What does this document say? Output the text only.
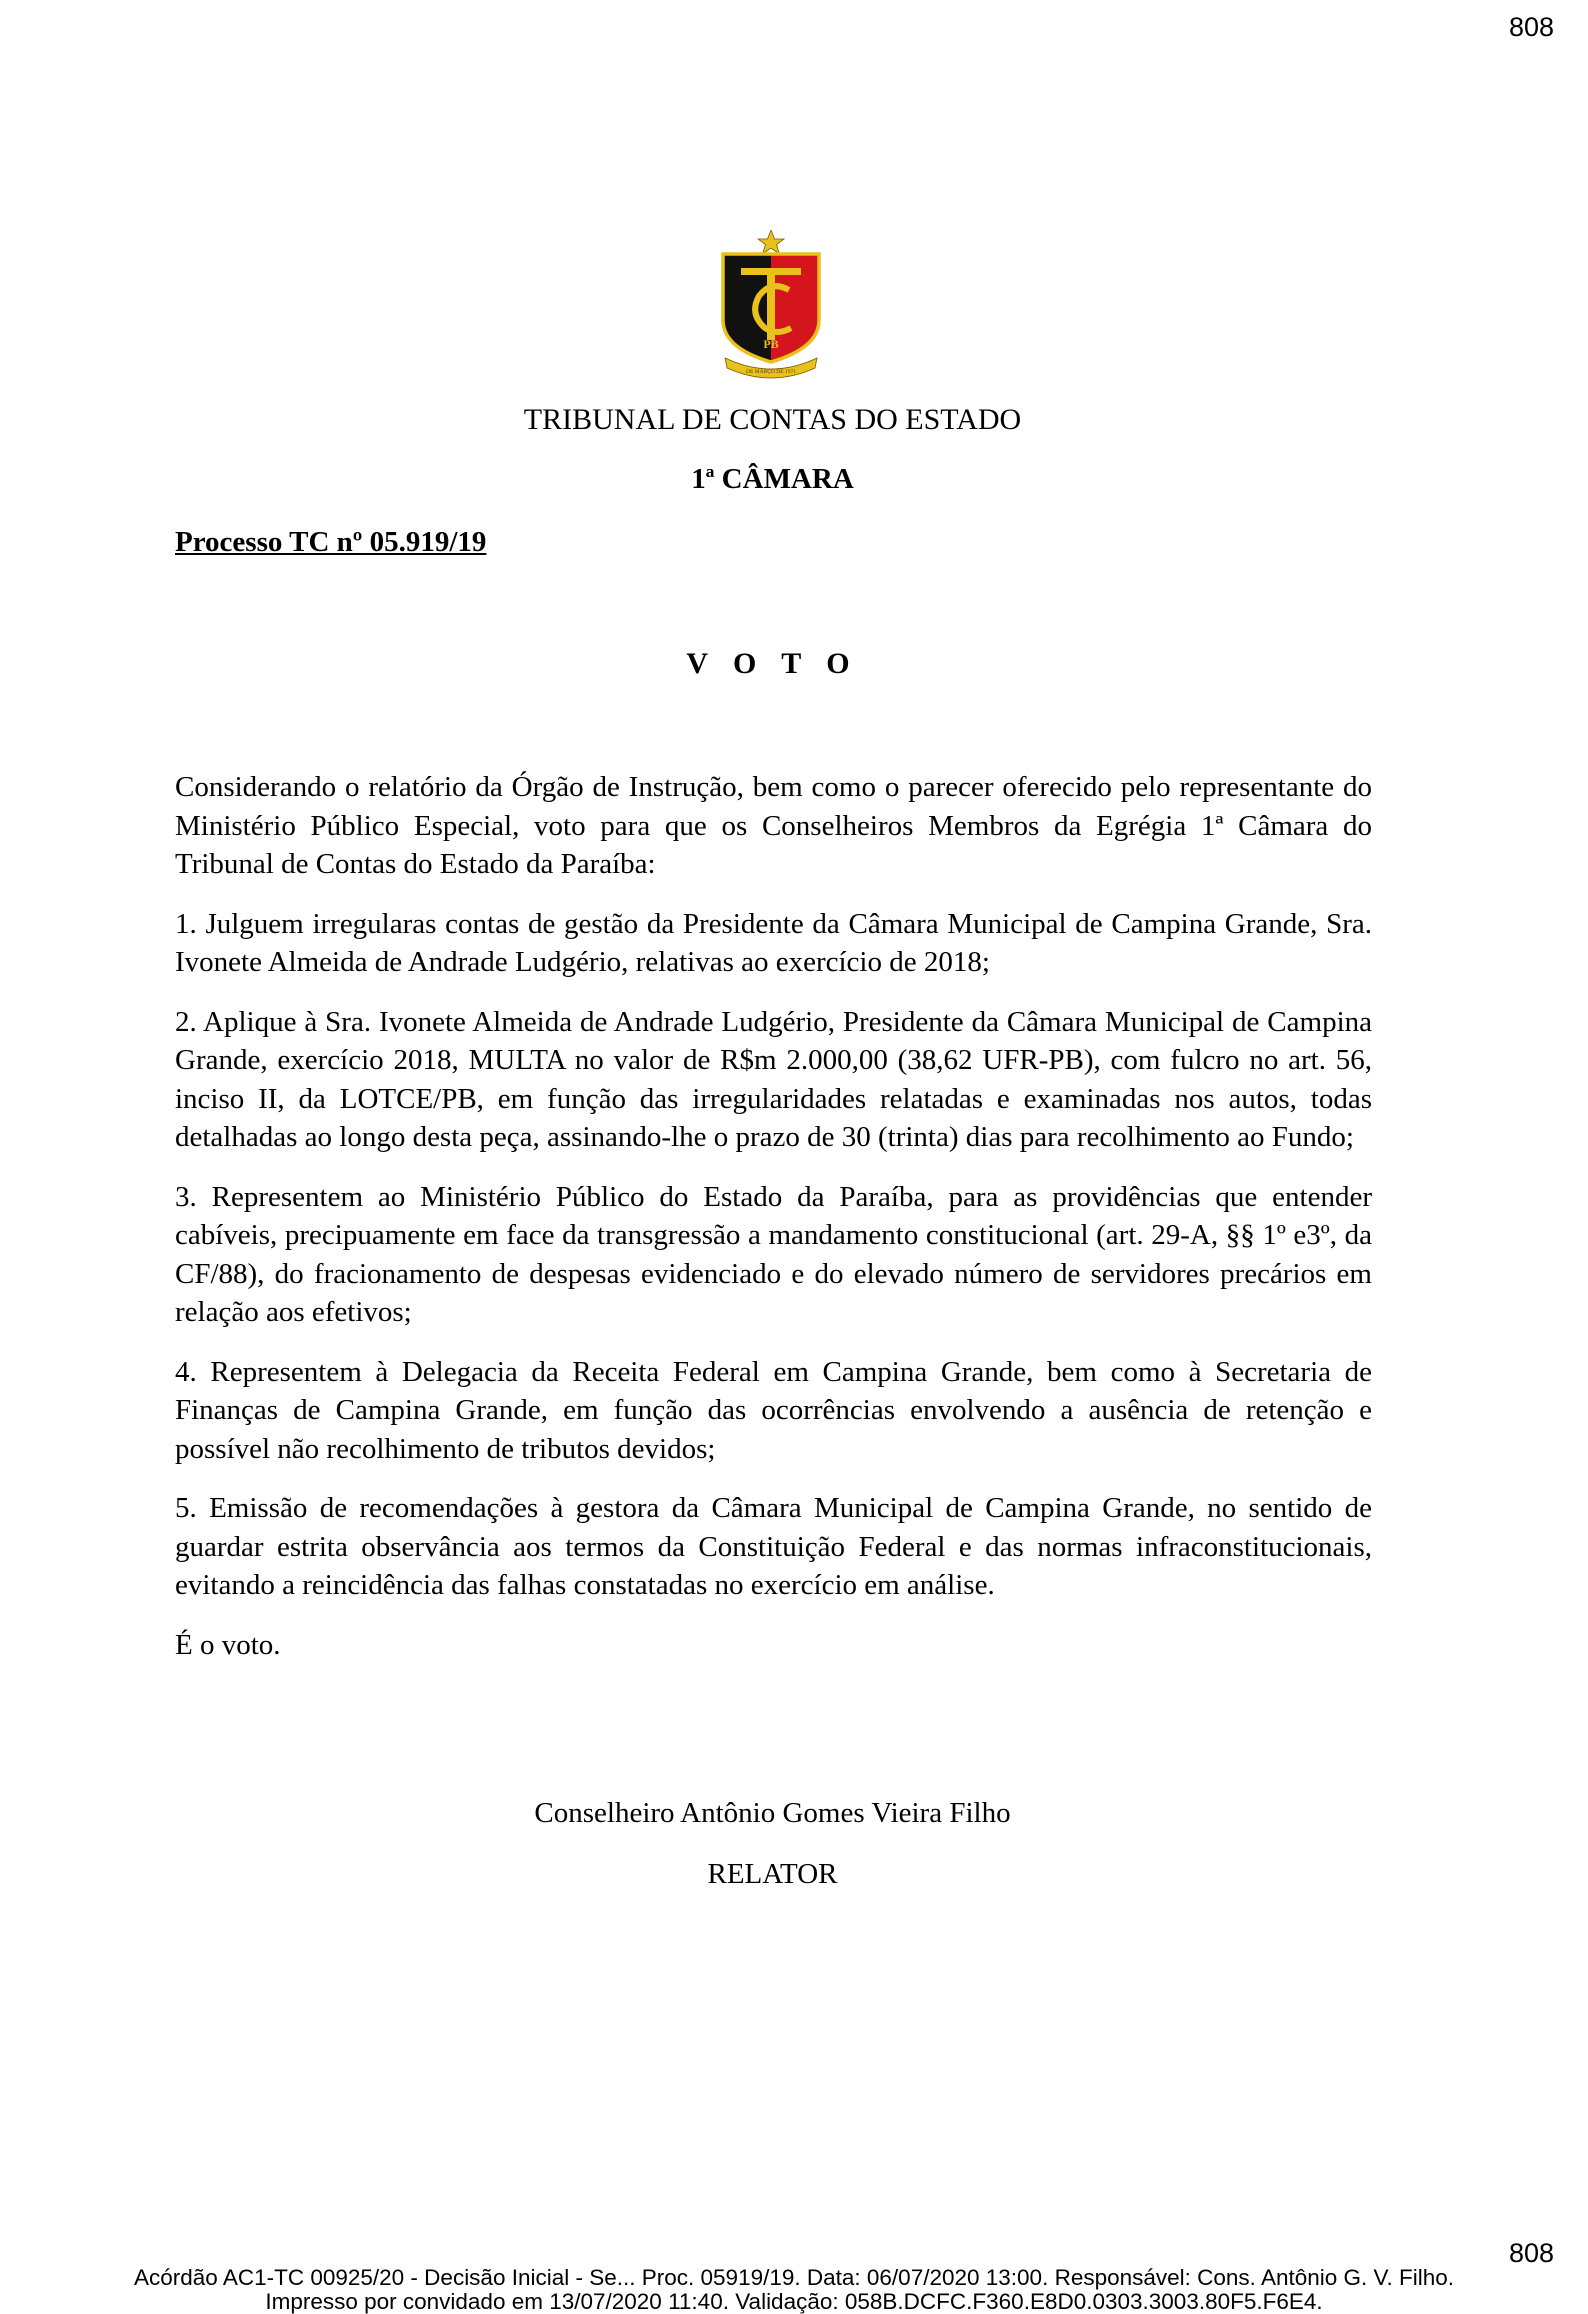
808
PB
DE MARÇO DE 1971
TRIBUNAL DE CONTAS DO ESTADO
1ª CÂMARA
Processo TC nº 05.919/19
V O T O

Considerando o relatório da Órgão de Instrução, bem como o parecer oferecido pelo representante do Ministério Público Especial, voto para que os Conselheiros Membros da Egrégia 1ª Câmara do Tribunal de Contas do Estado da Paraíba:

1. Julguem irregularas contas de gestão da Presidente da Câmara Municipal de Campina Grande, Sra. Ivonete Almeida de Andrade Ludgério, relativas ao exercício de 2018;

2. Aplique à Sra. Ivonete Almeida de Andrade Ludgério, Presidente da Câmara Municipal de Campina Grande, exercício 2018, MULTA no valor de R$m 2.000,00 (38,62 UFR-PB), com fulcro no art. 56, inciso II, da LOTCE/PB, em função das irregularidades relatadas e examinadas nos autos, todas detalhadas ao longo desta peça, assinando-lhe o prazo de 30 (trinta) dias para recolhimento ao Fundo;

3. Representem ao Ministério Público do Estado da Paraíba, para as providências que entender cabíveis, precipuamente em face da transgressão a mandamento constitucional (art. 29-A, §§ 1º e3º, da CF/88), do fracionamento de despesas evidenciado e do elevado número de servidores precários em relação aos efetivos;

4. Representem à Delegacia da Receita Federal em Campina Grande, bem como à Secretaria de Finanças de Campina Grande, em função das ocorrências envolvendo a ausência de retenção e possível não recolhimento de tributos devidos;

5. Emissão de recomendações à gestora da Câmara Municipal de Campina Grande, no sentido de guardar estrita observância aos termos da Constituição Federal e das normas infraconstitucionais, evitando a reincidência das falhas constatadas no exercício em análise.

É o voto.

Conselheiro Antônio Gomes Vieira Filho
RELATOR
808
Acórdão AC1-TC 00925/20 - Decisão Inicial - Se... Proc. 05919/19. Data: 06/07/2020 13:00. Responsável: Cons. Antônio G. V. Filho.
Impresso por convidado em 13/07/2020 11:40. Validação: 058B.DCFC.F360.E8D0.0303.3003.80F5.F6E4.
